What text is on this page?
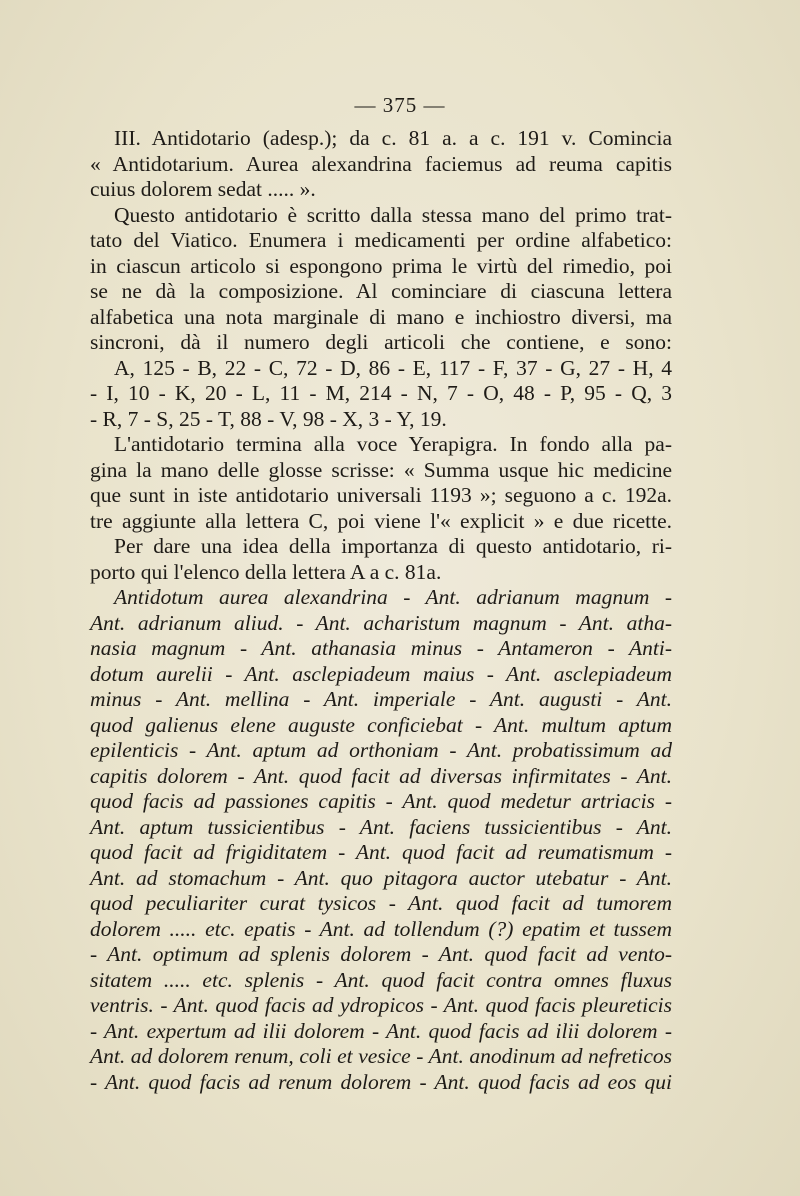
— 375 —
III. Antidotario (adesp.); da c. 81 a. a c. 191 v. Comincia
« Antidotarium. Aurea alexandrina faciemus ad reuma capitis
cuius dolorem sedat ..... ».
Questo antidotario è scritto dalla stessa mano del primo trat-
tato del Viatico. Enumera i medicamenti per ordine alfabetico:
in ciascun articolo si espongono prima le virtù del rimedio, poi
se ne dà la composizione. Al cominciare di ciascuna lettera
alfabetica una nota marginale di mano e inchiostro diversi, ma
sincroni, dà il numero degli articoli che contiene, e sono:
A, 125 - B, 22 - C, 72 - D, 86 - E, 117 - F, 37 - G, 27 - H, 4
- I, 10 - K, 20 - L, 11 - M, 214 - N, 7 - O, 48 - P, 95 - Q, 3
- R, 7 - S, 25 - T, 88 - V, 98 - X, 3 - Y, 19.
L'antidotario termina alla voce Yerapigra. In fondo alla pa-
gina la mano delle glosse scrisse: « Summa usque hic medicine
que sunt in iste antidotario universali 1193 »; seguono a c. 192a.
tre aggiunte alla lettera C, poi viene l'« explicit » e due ricette.
Per dare una idea della importanza di questo antidotario, ri-
porto qui l'elenco della lettera A a c. 81a.
Antidotum aurea alexandrina - Ant. adrianum magnum -
Ant. adrianum aliud. - Ant. acharistum magnum - Ant. atha-
nasia magnum - Ant. athanasia minus - Antameron - Anti-
dotum aurelii - Ant. asclepiadeum maius - Ant. asclepiadeum
minus - Ant. mellina - Ant. imperiale - Ant. augusti - Ant.
quod galienus elene auguste conficiebat - Ant. multum aptum
epilenticis - Ant. aptum ad orthoniam - Ant. probatissimum ad
capitis dolorem - Ant. quod facit ad diversas infirmitates - Ant.
quod facis ad passiones capitis - Ant. quod medetur artriacis -
Ant. aptum tussicientibus - Ant. faciens tussicientibus - Ant.
quod facit ad frigiditatem - Ant. quod facit ad reumatismum -
Ant. ad stomachum - Ant. quo pitagora auctor utebatur - Ant.
quod peculiariter curat tysicos - Ant. quod facit ad tumorem
dolorem ..... etc. epatis - Ant. ad tollendum (?) epatim et tussem
- Ant. optimum ad splenis dolorem - Ant. quod facit ad vento-
sitatem ..... etc. splenis - Ant. quod facit contra omnes fluxus
ventris. - Ant. quod facis ad ydropicos - Ant. quod facis pleureticis
- Ant. expertum ad ilii dolorem - Ant. quod facis ad ilii dolorem -
Ant. ad dolorem renum, coli et vesice - Ant. anodinum ad nefreticos
- Ant. quod facis ad renum dolorem - Ant. quod facis ad eos qui
